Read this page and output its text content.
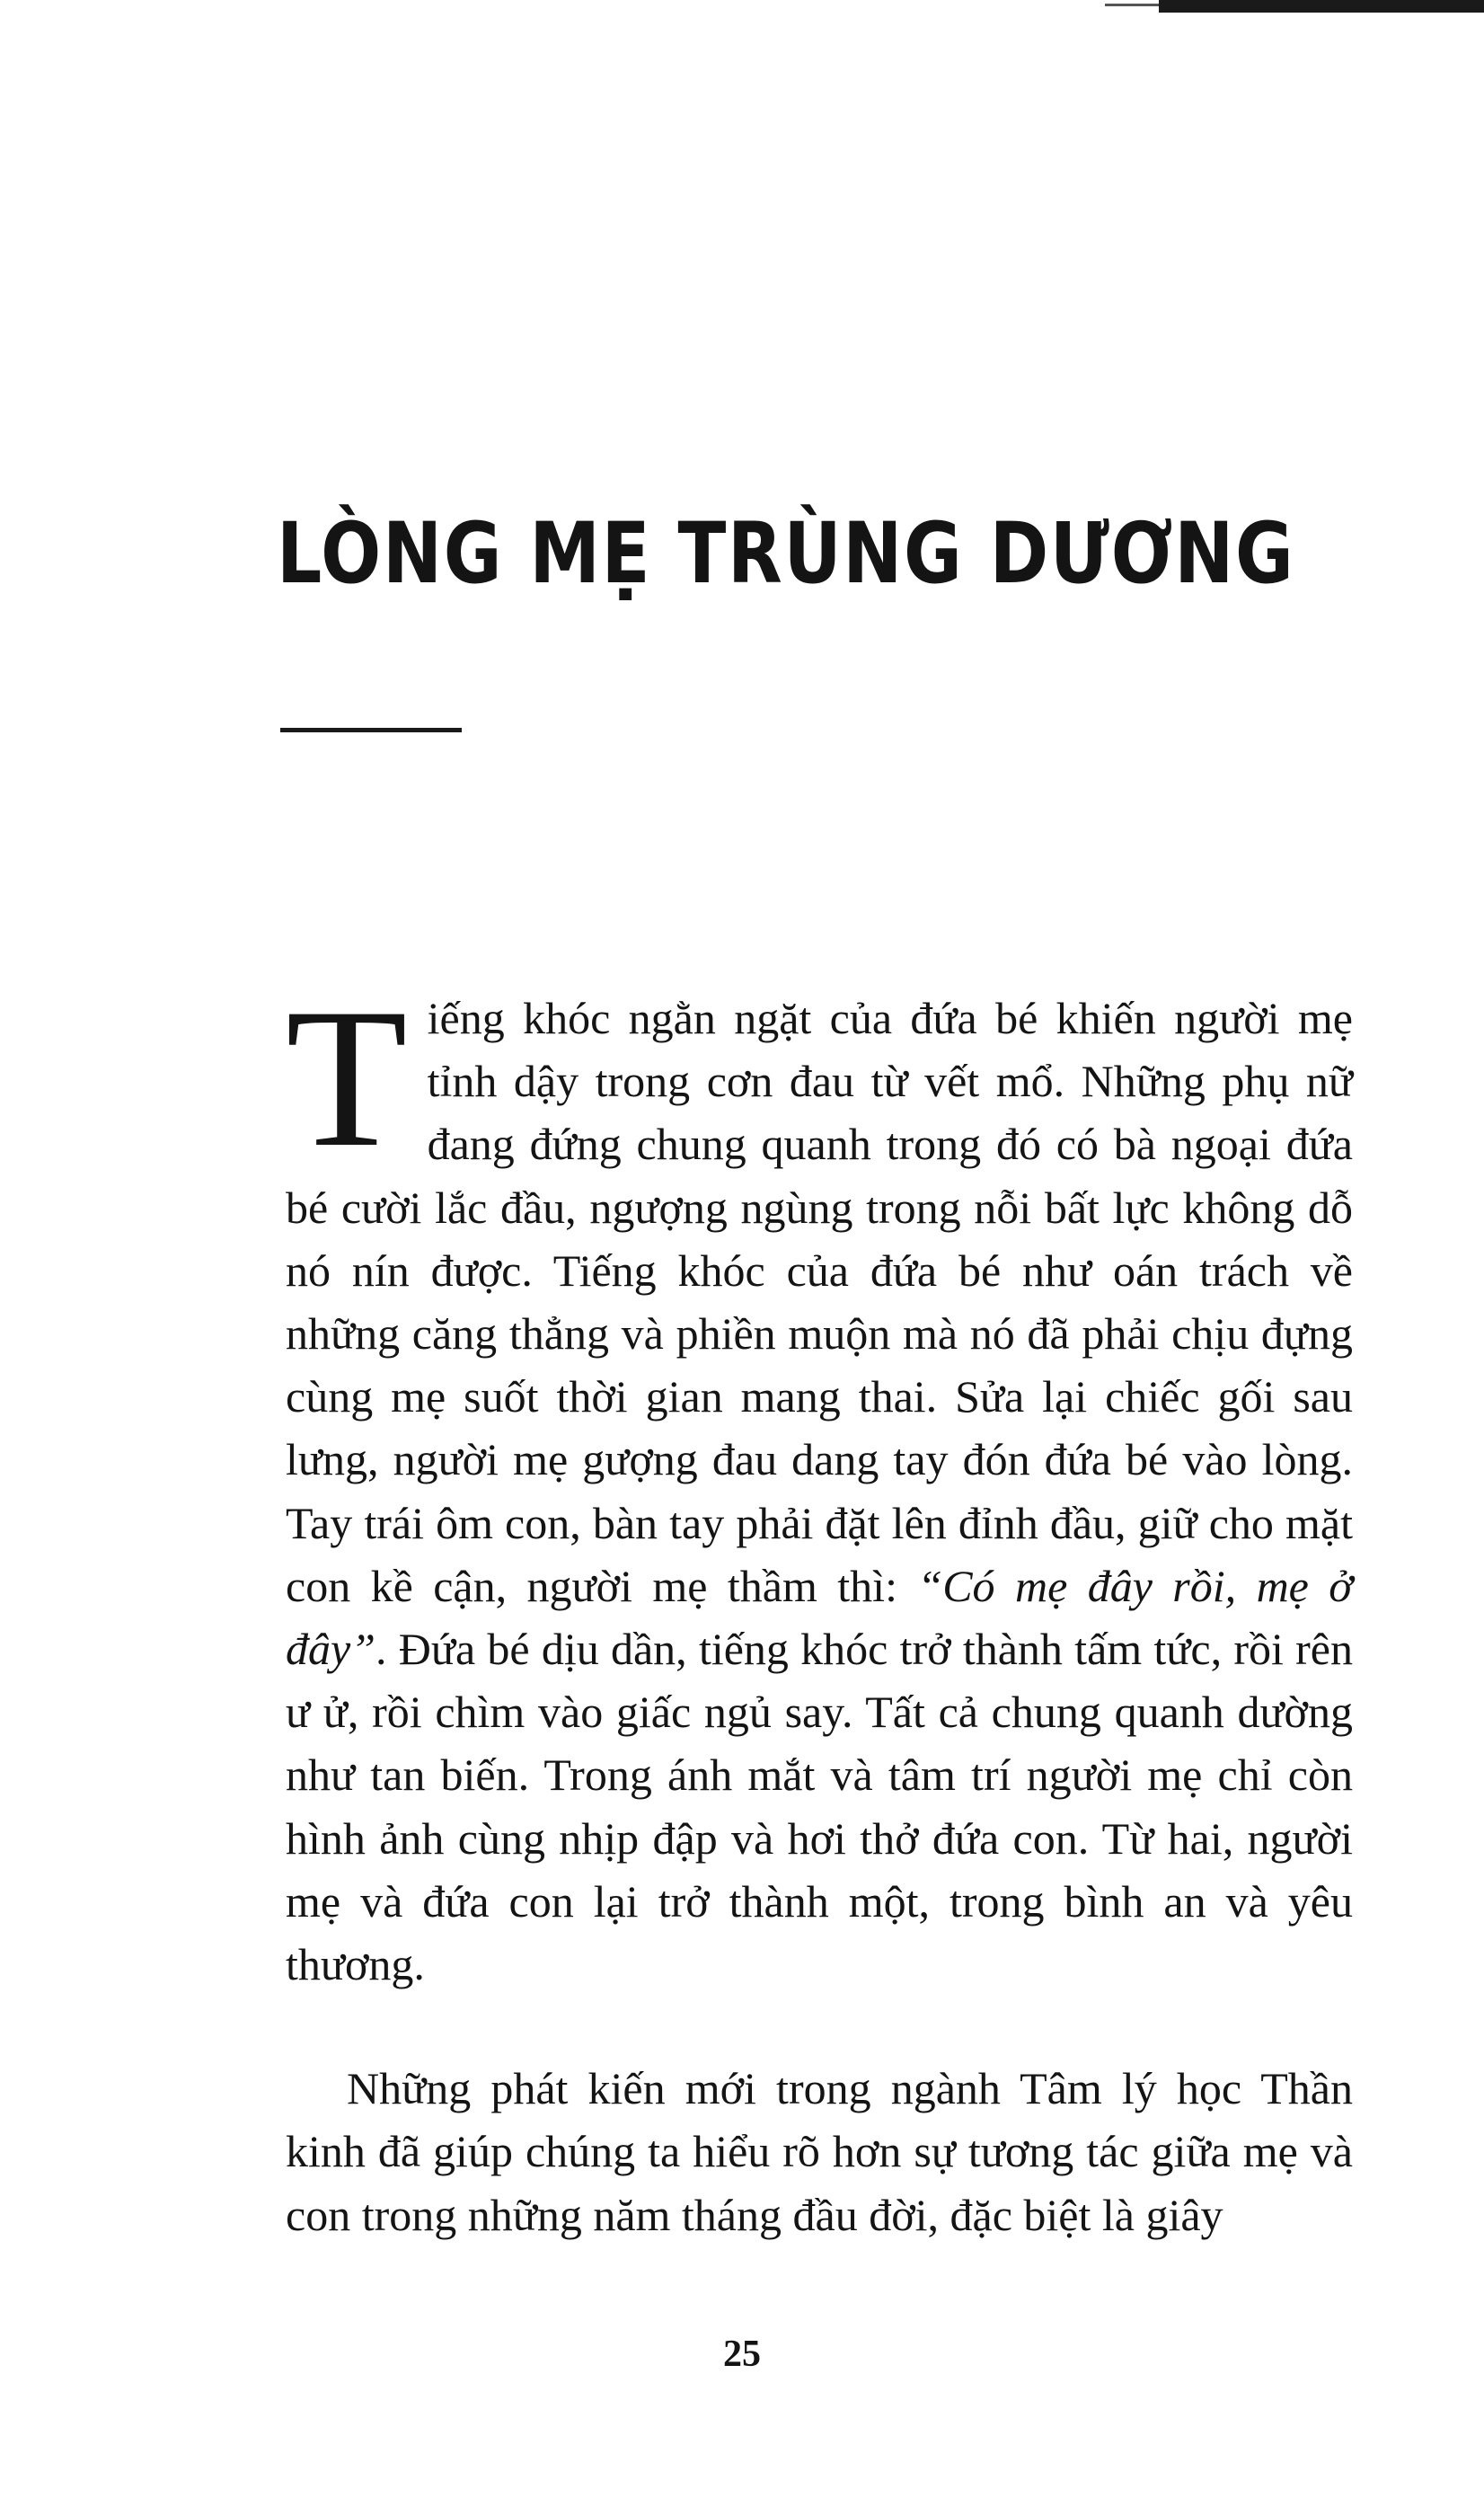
LÒNG MẸ TRÙNG DƯƠNG

Tiếng khóc ngằn ngặt của đứa bé khiến người mẹ tỉnh dậy trong cơn đau từ vết mổ. Những phụ nữ đang đứng chung quanh trong đó có bà ngoại đứa bé cười lắc đầu, ngượng ngùng trong nỗi bất lực không dỗ nó nín được. Tiếng khóc của đứa bé như oán trách về những căng thẳng và phiền muộn mà nó đã phải chịu đựng cùng mẹ suốt thời gian mang thai. Sửa lại chiếc gối sau lưng, người mẹ gượng đau dang tay đón đứa bé vào lòng. Tay trái ôm con, bàn tay phải đặt lên đỉnh đầu, giữ cho mặt con kề cận, người mẹ thầm thì: “Có mẹ đây rồi, mẹ ở đây”. Đứa bé dịu dần, tiếng khóc trở thành tấm tức, rồi rên ư ử, rồi chìm vào giấc ngủ say. Tất cả chung quanh dường như tan biến. Trong ánh mắt và tâm trí người mẹ chỉ còn hình ảnh cùng nhịp đập và hơi thở đứa con. Từ hai, người mẹ và đứa con lại trở thành một, trong bình an và yêu thương.

Những phát kiến mới trong ngành Tâm lý học Thần kinh đã giúp chúng ta hiểu rõ hơn sự tương tác giữa mẹ và con trong những năm tháng đầu đời, đặc biệt là giây

25
